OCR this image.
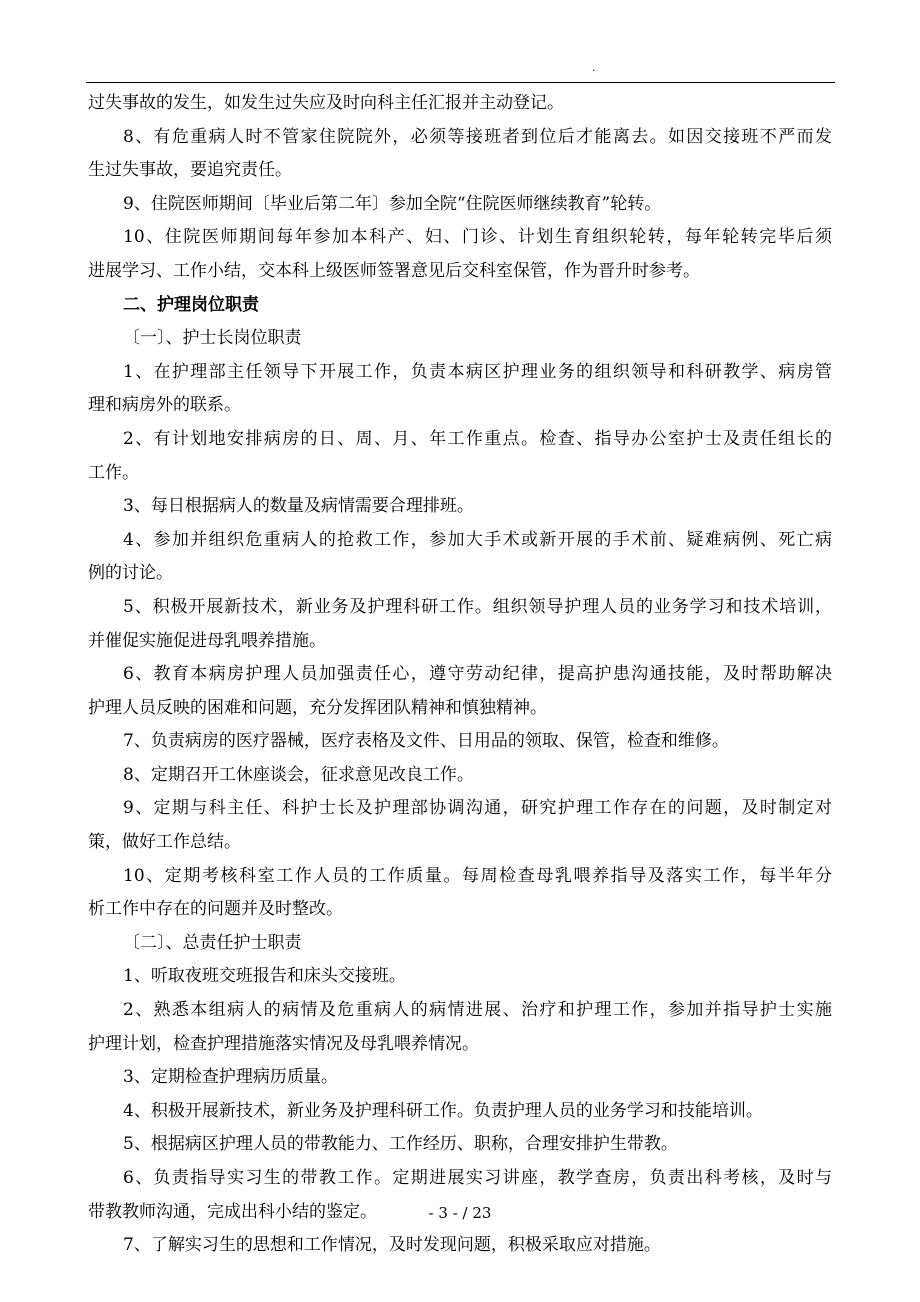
.
过失事故的发生，如发生过失应及时向科主任汇报并主动登记。
8、有危重病人时不管家住院院外，必须等接班者到位后才能离去。如因交接班不严而发
生过失事故，要追究责任。
9、住院医师期间〔毕业后第二年〕参加全院“住院医师继续教育”轮转。
10、住院医师期间每年参加本科产、妇、门诊、计划生育组织轮转，每年轮转完毕后须
进展学习、工作小结，交本科上级医师签署意见后交科室保管，作为晋升时参考。
二、护理岗位职责
〔一〕、护士长岗位职责
1、在护理部主任领导下开展工作，负责本病区护理业务的组织领导和科研教学、病房管
理和病房外的联系。
2、有计划地安排病房的日、周、月、年工作重点。检查、指导办公室护士及责任组长的
工作。
3、每日根据病人的数量及病情需要合理排班。
4、参加并组织危重病人的抢救工作，参加大手术或新开展的手术前、疑难病例、死亡病
例的讨论。
5、积极开展新技术，新业务及护理科研工作。组织领导护理人员的业务学习和技术培训，
并催促实施促进母乳喂养措施。
6、教育本病房护理人员加强责任心，遵守劳动纪律，提高护患沟通技能，及时帮助解决
护理人员反映的困难和问题，充分发挥团队精神和慎独精神。
7、负责病房的医疗器械，医疗表格及文件、日用品的领取、保管，检查和维修。
8、定期召开工休座谈会，征求意见改良工作。
9、定期与科主任、科护士长及护理部协调沟通，研究护理工作存在的问题，及时制定对
策，做好工作总结。
10、定期考核科室工作人员的工作质量。每周检查母乳喂养指导及落实工作，每半年分
析工作中存在的问题并及时整改。
〔二〕、总责任护士职责
1、听取夜班交班报告和床头交接班。
2、熟悉本组病人的病情及危重病人的病情进展、治疗和护理工作，参加并指导护士实施
护理计划，检查护理措施落实情况及母乳喂养情况。
3、定期检查护理病历质量。
4、积极开展新技术，新业务及护理科研工作。负责护理人员的业务学习和技能培训。
5、根据病区护理人员的带教能力、工作经历、职称，合理安排护生带教。
6、负责指导实习生的带教工作。定期进展实习讲座，教学查房，负责出科考核，及时与
带教教师沟通，完成出科小结的鉴定。
7、了解实习生的思想和工作情况，及时发现问题，积极采取应对措施。
- 3 - / 23
